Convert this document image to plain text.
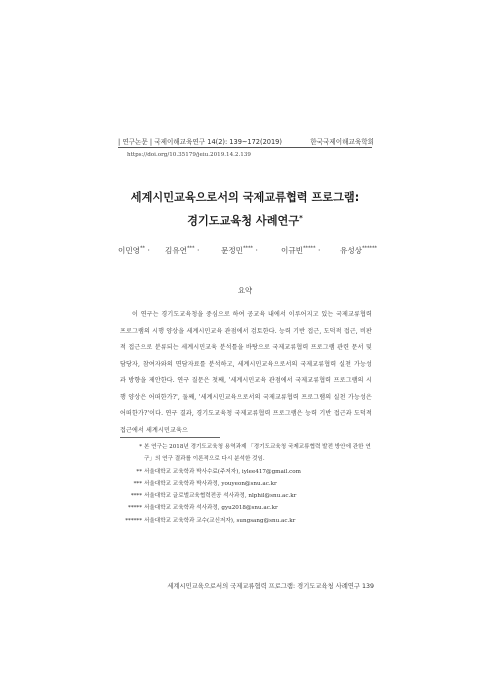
| 연구논문 | 국제이해교육연구 14(2): 139~172(2019)	한국국제이해교육학회
https://doi.org/10.35179/jeiu.2019.14.2.139
세계시민교육으로서의 국제교류협력 프로그램:
경기도교육청 사례연구*
이민영** · 김유연*** ·	문정민**** ·	이규빈***** ·	유성상******
요약
이 연구는 경기도교육청을 중심으로 하여 공교육 내에서 이루어지고 있는 국제교류협력 프로그램의 시행 양상을 세계시민교육 관점에서 검토한다. 능력 기반 접근, 도덕적 접근, 비판적 접근으로 분류되는 세계시민교육 분석틀을 바탕으로 국제교류협력 프로그램 관련 문서 및 담당자, 참여자와의 면담자료를 분석하고, 세계시민교육으로서의 국제교류협력 실천 가능성과 방향을 제안한다. 연구 질문은 첫째, '세계시민교육 관점에서 국제교류협력 프로그램의 시행 양상은 어떠한가?', 둘째, '세계시민교육으로서의 국제교류협력 프로그램의 실천 가능성은 어떠한가?'이다. 연구 결과, 경기도교육청 국제교류협력 프로그램은 능력 기반 접근과 도덕적 접근에서 세계시민교육으
* 본 연구는 2018년 경기도교육청 용역과제 「경기도교육청 국제교류협력 발전 방안에 관한 연구」의 연구 결과를 이론적으로 다시 분석한 것임.
** 서울대학교 교육학과 박사수료(주저자), iylee417@gmail.com
*** 서울대학교 교육학과 박사과정, youyeon@snu.ac.kr
**** 서울대학교 글로벌교육협력전공 석사과정, nlphil@snu.ac.kr
***** 서울대학교 교육학과 석사과정, gyu2018@snu.ac.kr
****** 서울대학교 교육학과 교수(교신저자), sungsang@snu.ac.kr
세계시민교육으로서의 국제교류협력 프로그램: 경기도교육청 사례연구 139
